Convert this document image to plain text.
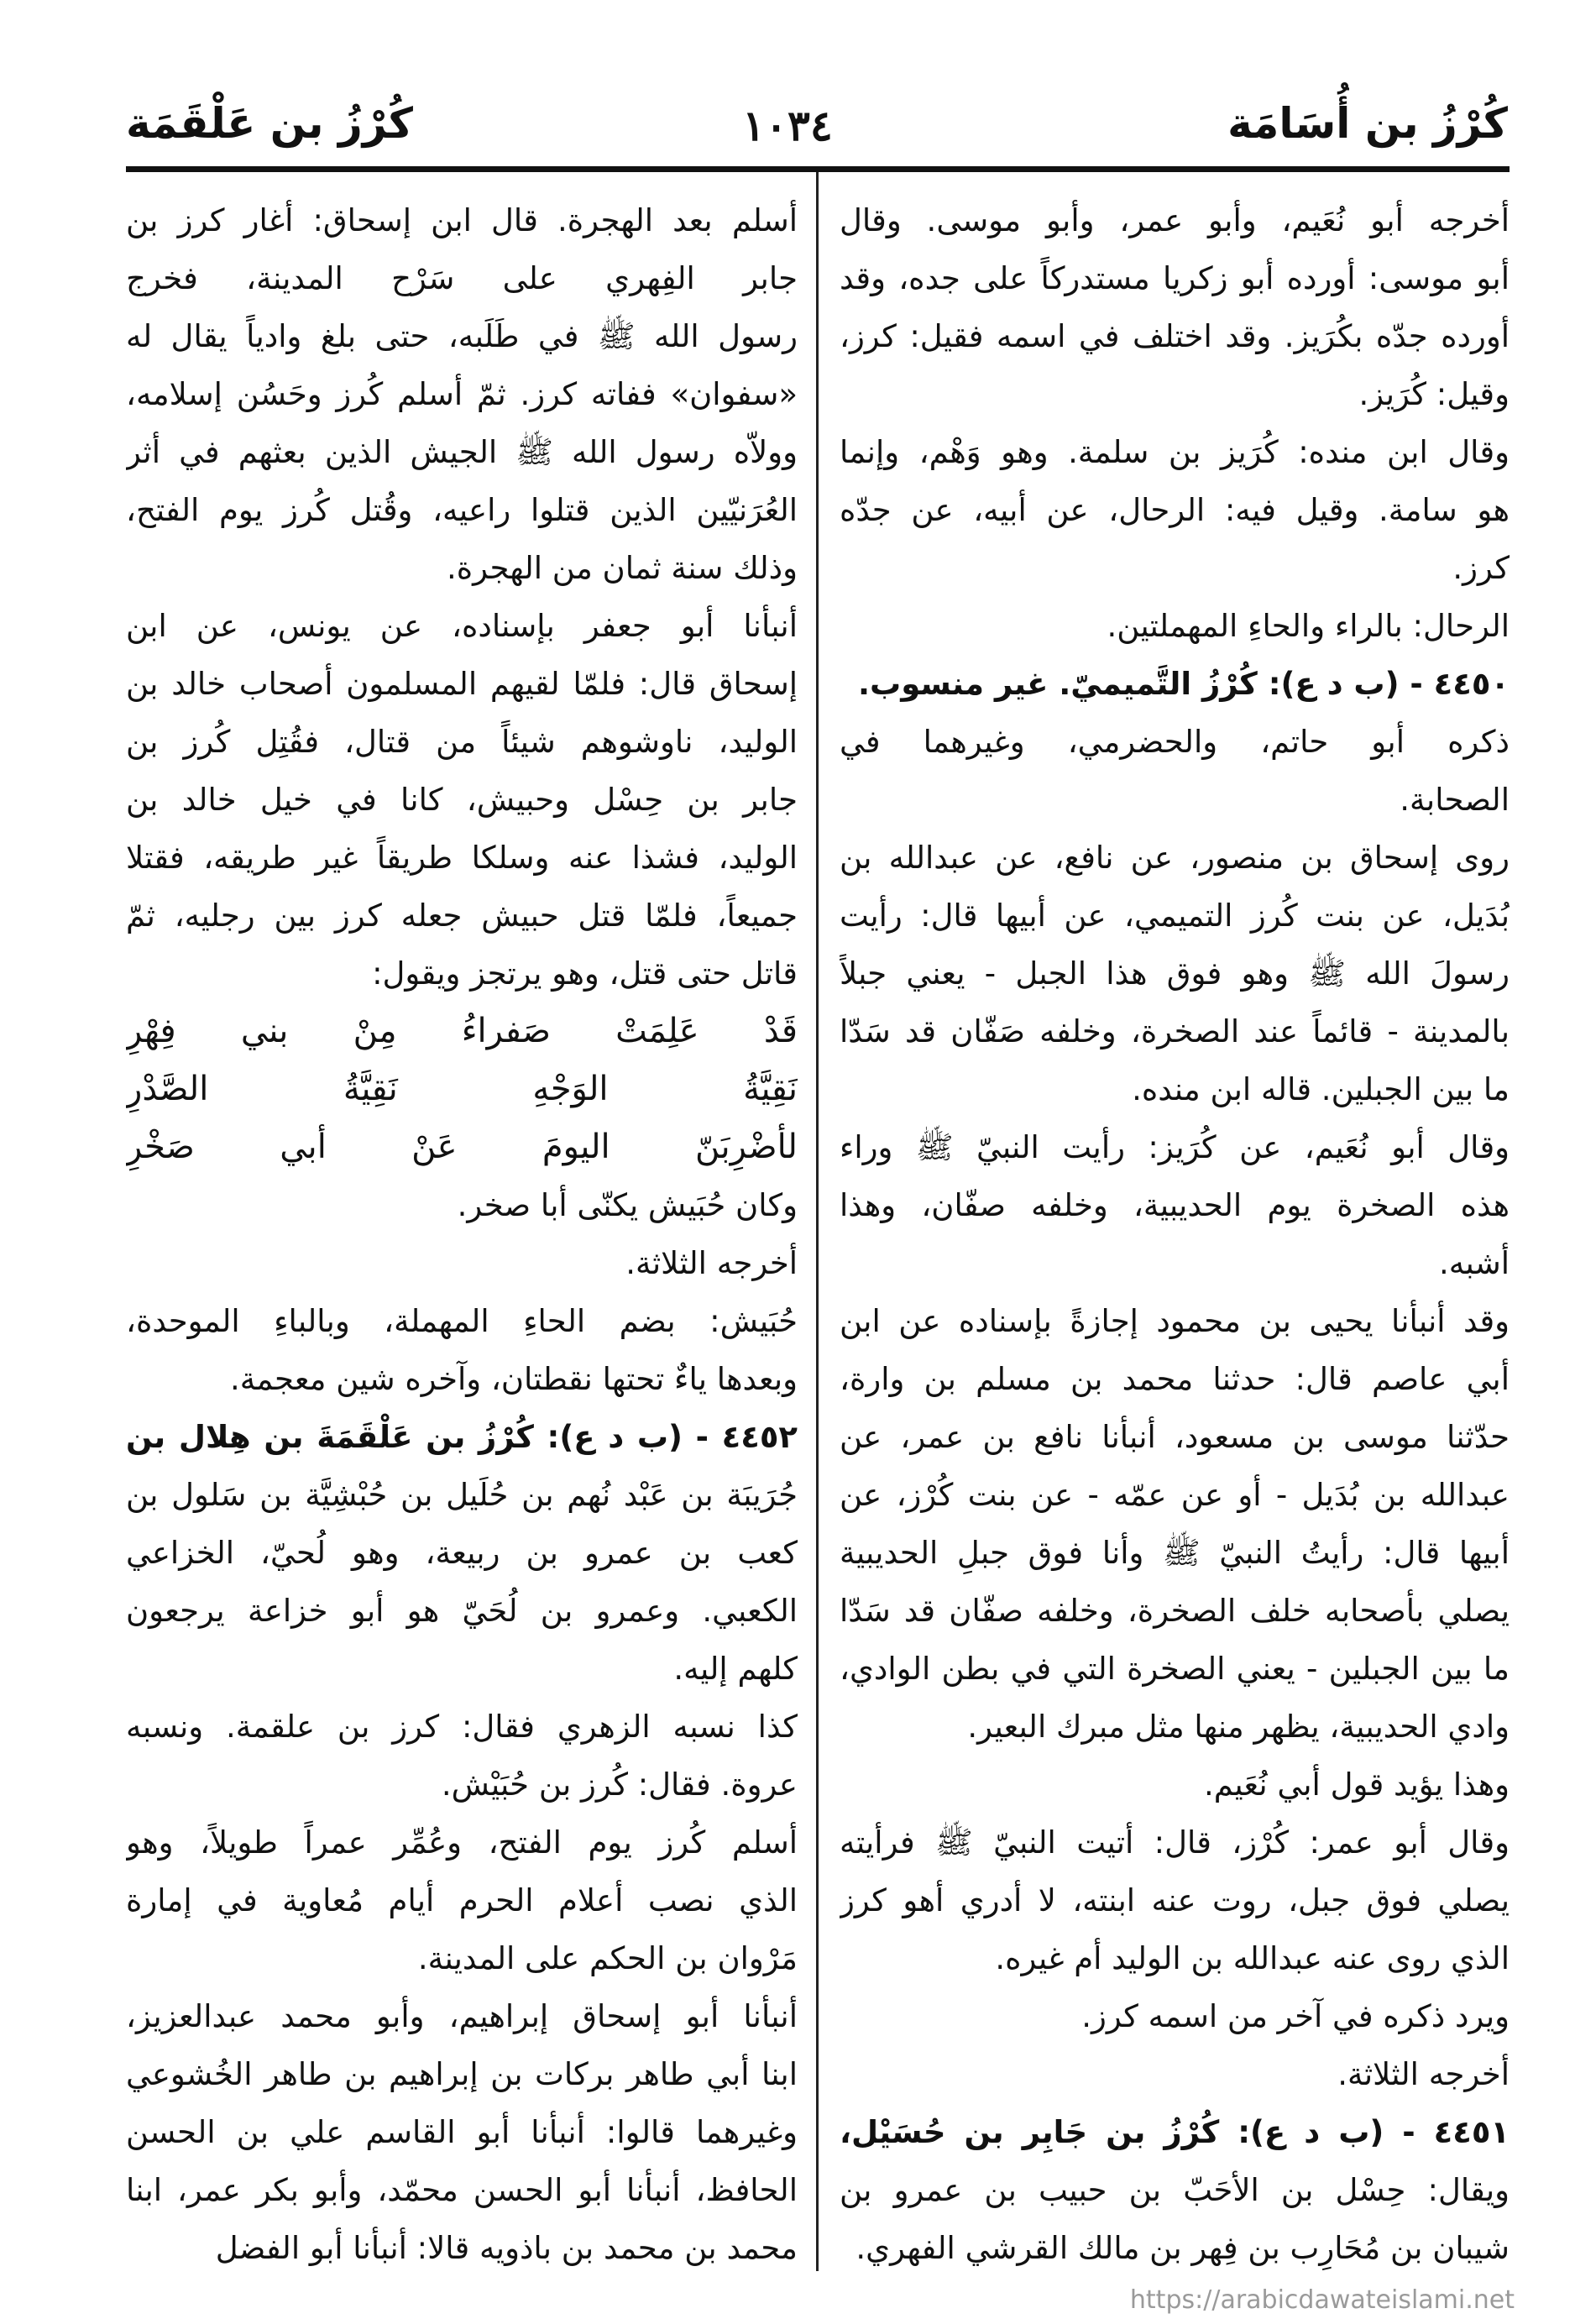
كُرْزُ بن أُسَامَة
١٠٣٤
كُرْزُ بن عَلْقَمَة
أخرجه أبو نُعَيم، وأبو عمر، وأبو موسى. وقال
أبو موسى: أورده أبو زكريا مستدركاً على جده، وقد
أورده جدّه بكُرَيز. وقد اختلف في اسمه فقيل: كرز،
وقيل: كُرَيز.
وقال ابن منده: كُرَيز بن سلمة. وهو وَهْم، وإنما
هو سامة. وقيل فيه: الرحال، عن أبيه، عن جدّه
كرز.
الرحال: بالراء والحاءِ المهملتين.
٤٤٥٠ - (ب د ع): كُرْزُ التَّميميّ. غير منسوب.
ذكره أبو حاتم، والحضرمي، وغيرهما في
الصحابة.
روى إسحاق بن منصور، عن نافع، عن عبدالله بن
بُدَيل، عن بنت كُرز التميمي، عن أبيها قال: رأيت
رسولَ الله ﷺ وهو فوق هذا الجبل - يعني جبلاً
بالمدينة - قائماً عند الصخرة، وخلفه صَفّان قد سَدّا
ما بين الجبلين. قاله ابن منده.
وقال أبو نُعَيم، عن كُرَيز: رأيت النبيّ ﷺ وراء
هذه الصخرة يوم الحديبية، وخلفه صفّان، وهذا
أشبه.
وقد أنبأنا يحيى بن محمود إجازةً بإسناده عن ابن
أبي عاصم قال: حدثنا محمد بن مسلم بن وارة،
حدّثنا موسى بن مسعود، أنبأنا نافع بن عمر، عن
عبدالله بن بُدَيل - أو عن عمّه - عن بنت كُرْز، عن
أبيها قال: رأيتُ النبيّ ﷺ وأنا فوق جبلِ الحديبية
يصلي بأصحابه خلف الصخرة، وخلفه صفّان قد سَدّا
ما بين الجبلين - يعني الصخرة التي في بطن الوادي،
وادي الحديبية، يظهر منها مثل مبرك البعير.
وهذا يؤيد قول أبي نُعَيم.
وقال أبو عمر: كُرْز، قال: أتيت النبيّ ﷺ فرأيته
يصلي فوق جبل، روت عنه ابنته، لا أدري أهو كرز
الذي روى عنه عبدالله بن الوليد أم غيره.
ويرد ذكره في آخر من اسمه كرز.
أخرجه الثلاثة.
٤٤٥١ - (ب د ع): كُرْزُ بن جَابِر بن حُسَيْل،
ويقال: حِسْل بن الأحَبّ بن حبيب بن عمرو بن
شيبان بن مُحَارِب بن فِهر بن مالك القرشي الفهري.
أسلم بعد الهجرة. قال ابن إسحاق: أغار كرز بن
جابر الفِهري على سَرْح المدينة، فخرج
رسول الله ﷺ في طَلَبه، حتى بلغ وادياً يقال له
«سفوان» ففاته كرز. ثمّ أسلم كُرز وحَسُن إسلامه،
وولاّه رسول الله ﷺ الجيش الذين بعثهم في أثر
العُرَنيّين الذين قتلوا راعيه، وقُتل كُرز يوم الفتح،
وذلك سنة ثمان من الهجرة.
أنبأنا أبو جعفر بإسناده، عن يونس، عن ابن
إسحاق قال: فلمّا لقيهم المسلمون أصحاب خالد بن
الوليد، ناوشوهم شيئاً من قتال، فقُتِل كُرز بن
جابر بن حِسْل وحبيش، كانا في خيل خالد بن
الوليد، فشذا عنه وسلكا طريقاً غير طريقه، فقتلا
جميعاً، فلمّا قتل حبيش جعله كرز بين رجليه، ثمّ
قاتل حتى قتل، وهو يرتجز ويقول:
قَدْ عَلِمَتْ صَفراءُ مِنْ بني فِهْرِ
نَقِيَّةُ الوَجْهِ نَقِيَّةُ الصَّدْرِ
لأضْرِبَنّ اليومَ عَنْ أبي صَخْرِ
وكان حُبَيش يكنّى أبا صخر.
أخرجه الثلاثة.
حُبَيش: بضم الحاءِ المهملة، وبالباءِ الموحدة،
وبعدها ياءٌ تحتها نقطتان، وآخره شين معجمة.
٤٤٥٢ - (ب د ع): كُرْزُ بن عَلْقَمَةَ بن هِلال بن
جُرَيبَة بن عَبْد نُهم بن حُلَيل بن حُبْشِيَّة بن سَلول بن
كعب بن عمرو بن ربيعة، وهو لُحيّ، الخزاعي
الكعبي. وعمرو بن لُحَيّ هو أبو خزاعة يرجعون
كلهم إليه.
كذا نسبه الزهري فقال: كرز بن علقمة. ونسبه
عروة. فقال: كُرز بن حُبَيْش.
أسلم كُرز يوم الفتح، وعُمِّر عمراً طويلاً، وهو
الذي نصب أعلام الحرم أيام مُعاوية في إمارة
مَرْوان بن الحكم على المدينة.
أنبأنا أبو إسحاق إبراهيم، وأبو محمد عبدالعزيز،
ابنا أبي طاهر بركات بن إبراهيم بن طاهر الخُشوعي
وغيرهما قالوا: أنبأنا أبو القاسم علي بن الحسن
الحافظ، أنبأنا أبو الحسن محمّد، وأبو بكر عمر، ابنا
محمد بن محمد بن باذويه قالا: أنبأنا أبو الفضل
https://arabicdawateislami.net
